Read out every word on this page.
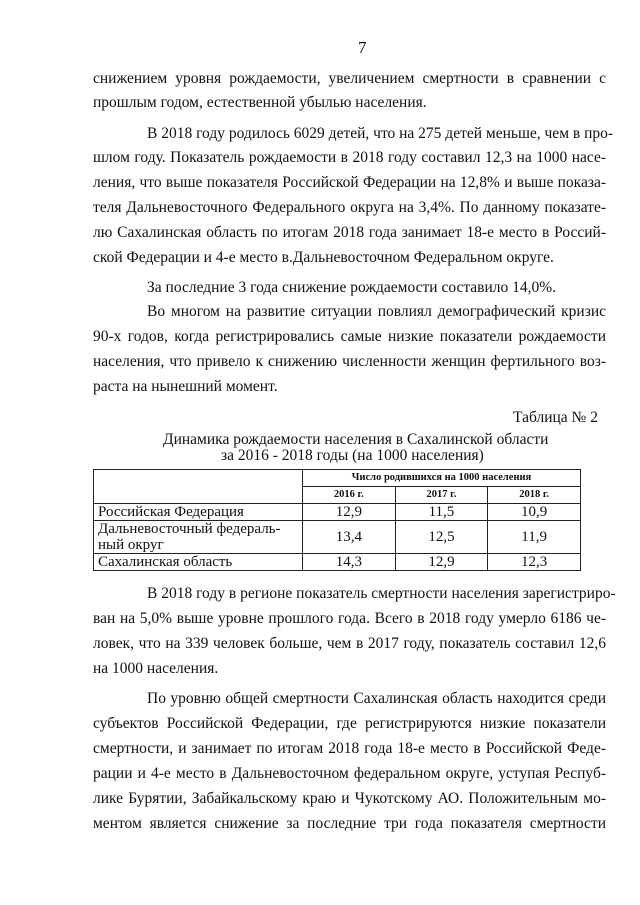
7
снижением уровня рождаемости, увеличением смертности в сравнении с
прошлым годом, естественной убылью населения.
В 2018 году родилось 6029 детей, что на 275 детей меньше, чем в про-
шлом году. Показатель рождаемости в 2018 году составил 12,3 на 1000 насе-
ления, что выше показателя Российской Федерации на 12,8% и выше показа-
теля Дальневосточного Федерального округа на 3,4%. По данному показате-
лю Сахалинская область по итогам 2018 года занимает 18-е место в Россий-
ской Федерации и 4-е место в.Дальневосточном Федеральном округе.
За последние 3 года снижение рождаемости составило 14,0%.
Во многом на развитие ситуации повлиял демографический кризис
90-х годов, когда регистрировались самые низкие показатели рождаемости
населения, что привело к снижению численности женщин фертильного воз-
раста на нынешний момент.
Таблица № 2
Динамика рождаемости населения в Сахалинской области
за 2016 - 2018 годы (на 1000 населения)
	Число родившихся на 1000 населения		
	2016 г.	2017 г.	2018 г.
Российская Федерация	12,9	11,5	10,9

Дальневосточный федераль-
ный округ	13,4	12,5	11,9
Сахалинская область	14,3	12,9	12,3
В 2018 году в регионе показатель смертности населения зарегистриро-
ван на 5,0% выше уровне прошлого года. Всего в 2018 году умерло 6186 че-
ловек, что на 339 человек больше, чем в 2017 году, показатель составил 12,6
на 1000 населения.
По уровню общей смертности Сахалинская область находится среди
субъектов Российской Федерации, где регистрируются низкие показатели
смертности, и занимает по итогам 2018 года 18-е место в Российской Феде-
рации и 4-е место в Дальневосточном федеральном округе, уступая Респуб-
лике Бурятии, Забайкальскому краю и Чукотскому АО. Положительным мо-
ментом является снижение за последние три года показателя смертности
